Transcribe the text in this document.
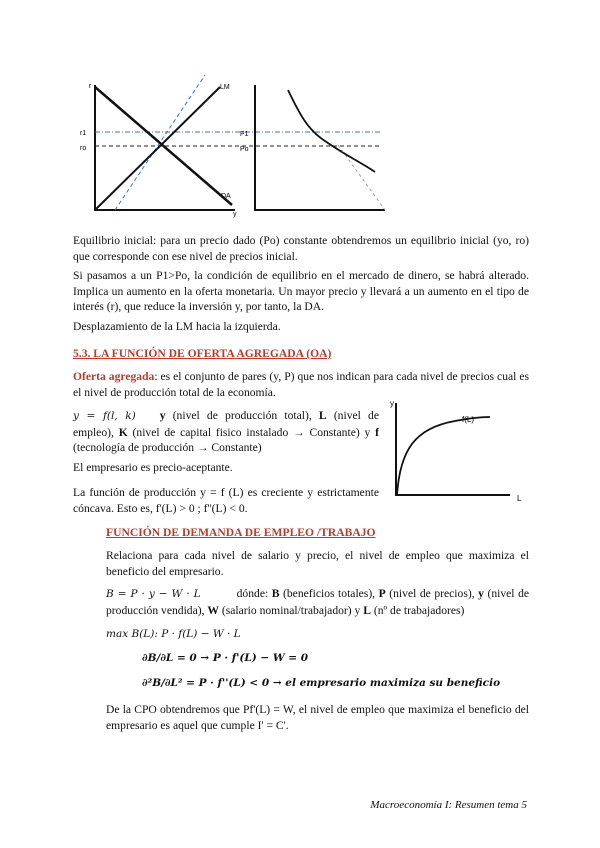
r
r1
ro
LM
DA
y
P1
Po

Equilibrio inicial: para un precio dado (Po) constante obtendremos un equilibrio inicial (yo, ro) que corresponde con ese nivel de precios inicial.

Si pasamos a un P1>Po, la condición de equilibrio en el mercado de dinero, se habrá alterado. Implica un aumento en la oferta monetaria. Un mayor precio y llevará a un aumento en el tipo de interés (r), que reduce la inversión y, por tanto, la DA.

Desplazamiento de la LM hacia la izquierda.

5.3. LA FUNCIÓN DE OFERTA AGREGADA (OA)

Oferta agregada: es el conjunto de pares (y, P) que nos indican para cada nivel de precios cual es el nivel de producción total de la economía.

y = f(l, k) y (nivel de producción total), L (nivel de empleo), K (nivel de capital fisico instalado → Constante) y f (tecnología de producción → Constante)

El empresario es precio-aceptante.

La función de producción y = f (L) es creciente y estrictamente cóncava. Esto es, f'(L) > 0 ; f''(L) < 0.

y
f(L)
L
FUNCIÓN DE DEMANDA DE EMPLEO /TRABAJO

Relaciona para cada nivel de salario y precio, el nivel de empleo que maximiza el beneficio del empresario.

B = P · y − W · L	dónde: B (beneficios totales), P (nivel de precios), y (nivel de producción vendida), W (salario nominal/trabajador) y L (nº de trabajadores)

max B(L): P · f(L) − W · L
∂B/∂L = 0 → P · f'(L) − W = 0
∂²B/∂L² = P · f''(L) < 0 → el empresario maximiza su beneficio

De la CPO obtendremos que Pf'(L) = W, el nivel de empleo que maximiza el beneficio del empresario es aquel que cumple I' = C'.

Macroeconomía I: Resumen tema 5
